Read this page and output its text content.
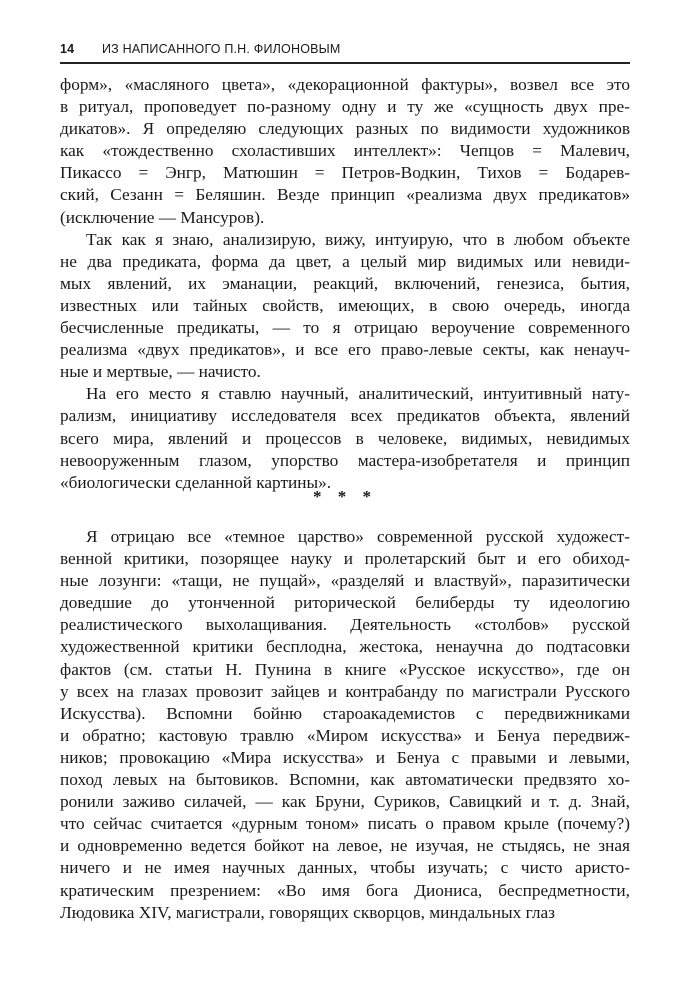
14	ИЗ НАПИСАННОГО П.Н. ФИЛОНОВЫМ

форм», «масляного цвета», «декорационной фактуры», возвел все это
в ритуал, проповедует по-разному одну и ту же «сущность двух пре-
дикатов». Я определяю следующих разных по видимости художников
как «тождественно схоластивших интеллект»: Чепцов = Малевич,
Пикассо = Энгр, Матюшин = Петров-Водкин, Тихов = Бодарев-
ский, Сезанн = Беляшин. Везде принцип «реализма двух предикатов»
(исключение — Мансуров).

Так как я знаю, анализирую, вижу, интуирую, что в любом объекте
не два предиката, форма да цвет, а целый мир видимых или невиди-
мых явлений, их эманации, реакций, включений, генезиса, бытия,
известных или тайных свойств, имеющих, в свою очередь, иногда
бесчисленные предикаты, — то я отрицаю вероучение современного
реализма «двух предикатов», и все его право-левые секты, как ненауч-
ные и мертвые, — начисто.

На его место я ставлю научный, аналитический, интуитивный нату-
рализм, инициативу исследователя всех предикатов объекта, явлений
всего мира, явлений и процессов в человеке, видимых, невидимых
невооруженным глазом, упорство мастера-изобретателя и принцип
«биологически сделанной картины».

* * *

Я отрицаю все «темное царство» современной русской художест-
венной критики, позорящее науку и пролетарский быт и его обиход-
ные лозунги: «тащи, не пущай», «разделяй и властвуй», паразитически
доведшие до утонченной риторической белиберды ту идеологию
реалистического выхолащивания. Деятельность «столбов» русской
художественной критики бесплодна, жестока, ненаучна до подтасовки
фактов (см. статьи Н. Пунина в книге «Русское искусство», где он
у всех на глазах провозит зайцев и контрабанду по магистрали Русского
Искусства). Вспомни бойню староакадемистов с передвижниками
и обратно; кастовую травлю «Миром искусства» и Бенуа передвиж-
ников; провокацию «Мира искусства» и Бенуа с правыми и левыми,
поход левых на бытовиков. Вспомни, как автоматически предвзято хо-
ронили заживо силачей, — как Бруни, Суриков, Савицкий и т. д. Знай,
что сейчас считается «дурным тоном» писать о правом крыле (почему?)
и одновременно ведется бойкот на левое, не изучая, не стыдясь, не зная
ничего и не имея научных данных, чтобы изучать; с чисто аристо-
кратическим презрением: «Во имя бога Диониса, беспредметности,
Людовика XIV, магистрали, говорящих скворцов, миндальных глаз
